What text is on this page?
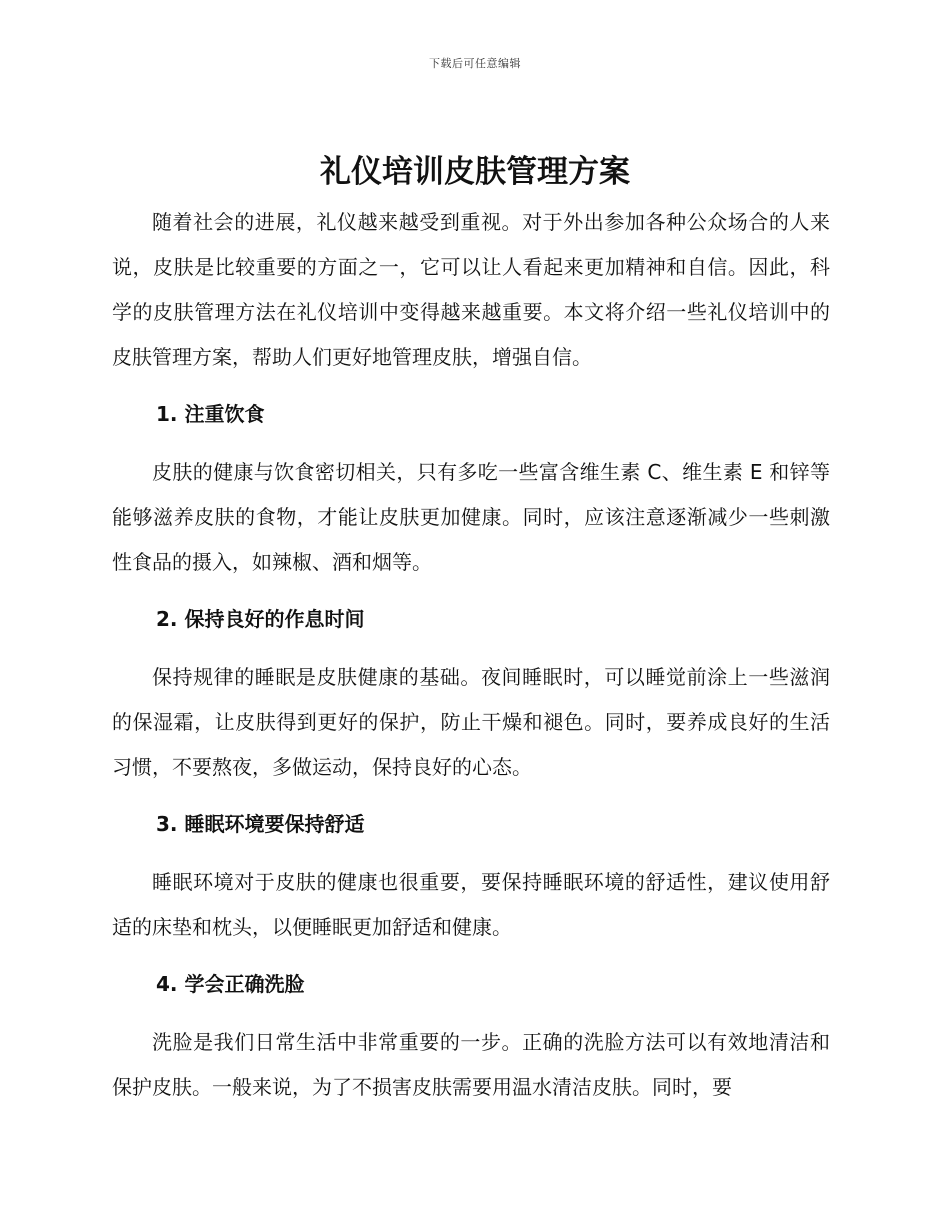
下载后可任意编辑
礼仪培训皮肤管理方案

随着社会的进展，礼仪越来越受到重视。对于外出参加各种公众场合的人来说，皮肤是比较重要的方面之一，它可以让人看起来更加精神和自信。因此，科学的皮肤管理方法在礼仪培训中变得越来越重要。本文将介绍一些礼仪培训中的皮肤管理方案，帮助人们更好地管理皮肤，增强自信。

1. 注重饮食

皮肤的健康与饮食密切相关，只有多吃一些富含维生素 C、维生素 E 和锌等能够滋养皮肤的食物，才能让皮肤更加健康。同时，应该注意逐渐减少一些刺激性食品的摄入，如辣椒、酒和烟等。

2. 保持良好的作息时间

保持规律的睡眠是皮肤健康的基础。夜间睡眠时，可以睡觉前涂上一些滋润的保湿霜，让皮肤得到更好的保护，防止干燥和褪色。同时，要养成良好的生活习惯，不要熬夜，多做运动，保持良好的心态。

3. 睡眠环境要保持舒适

睡眠环境对于皮肤的健康也很重要，要保持睡眠环境的舒适性，建议使用舒适的床垫和枕头，以便睡眠更加舒适和健康。

4. 学会正确洗脸

洗脸是我们日常生活中非常重要的一步。正确的洗脸方法可以有效地清洁和保护皮肤。一般来说，为了不损害皮肤需要用温水清洁皮肤。同时，要
